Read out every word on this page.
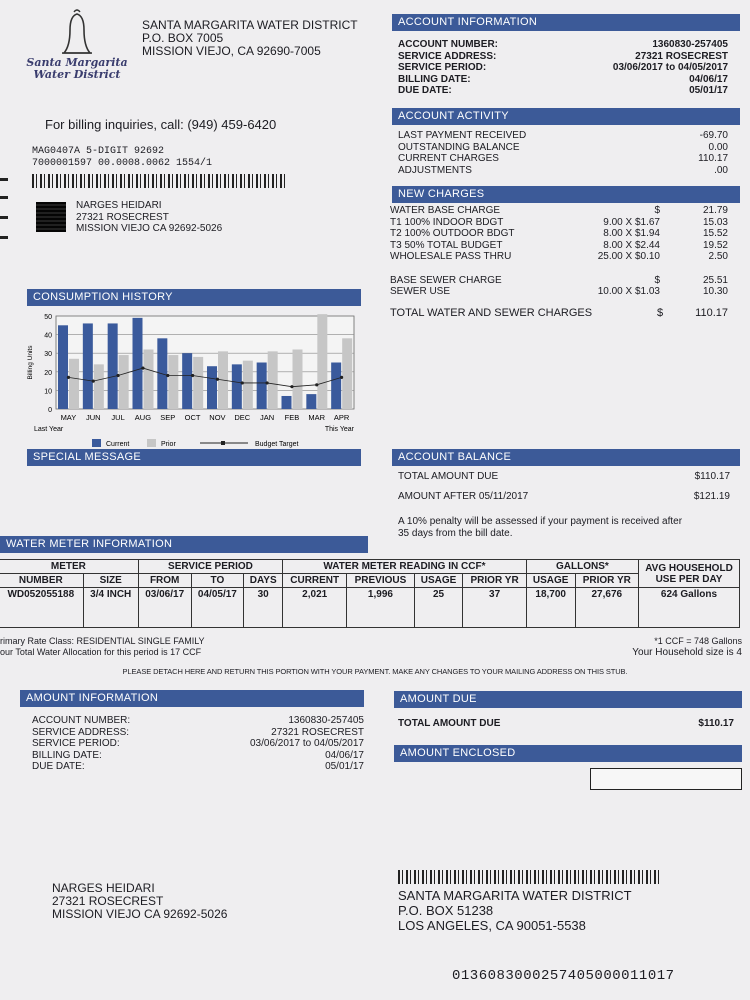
Santa Margarita
Water District
SANTA MARGARITA WATER DISTRICT
P.O. BOX 7005
MISSION VIEJO, CA 92690-7005
For billing inquiries, call: (949) 459-6420
MAG0407A 5-DIGIT 92692
7000001597 00.0008.0062 1554/1
NARGES HEIDARI
27321 ROSECREST
MISSION VIEJO CA 92692-5026
ACCOUNT INFORMATION
ACCOUNT NUMBER:	1360830-257405
SERVICE ADDRESS:	27321 ROSECREST
SERVICE PERIOD:	03/06/2017 to 04/05/2017
BILLING DATE:	04/06/17
DUE DATE:	05/01/17
ACCOUNT ACTIVITY
LAST PAYMENT RECEIVED	-69.70
OUTSTANDING BALANCE	0.00
CURRENT CHARGES	110.17
ADJUSTMENTS	.00
NEW CHARGES
WATER BASE CHARGE	$	21.79
T1 100% INDOOR BDGT	9.00 X $1.67	15.03
T2 100% OUTDOOR BDGT	8.00 X $1.94	15.52
T3 50% TOTAL BUDGET	8.00 X $2.44	19.52
WHOLESALE PASS THRU	25.00 X $0.10	2.50
BASE SEWER CHARGE	$	25.51
SEWER USE	10.00 X $1.03	10.30
TOTAL WATER AND SEWER CHARGES	$	110.17
CONSUMPTION HISTORY
0
10
20
30
40
50
Billing Units
MAY JUN JUL AUG SEP OCT NOV DEC JAN FEB MAR APR
Last Year	This Year
Current	Prior	Budget Target
SPECIAL MESSAGE	ACCOUNT BALANCE
TOTAL AMOUNT DUE	$110.17
AMOUNT AFTER 05/11/2017	$121.19
A 10% penalty will be assessed if your payment is received after
35 days from the bill date.
WATER METER INFORMATION
METER		SERVICE PERIOD			WATER METER READING IN CCF*				GALLONS*		AVG HOUSEHOLD USE PER DAY
NUMBER	SIZE	FROM	TO	DAYS	CURRENT	PREVIOUS	USAGE	PRIOR YR	USAGE	PRIOR YR	
WD052055188	3/4 INCH	03/06/17	04/05/17	30	2,021	1,996	25	37	18,700	27,676	624 Gallons
rimary Rate Class: RESIDENTIAL SINGLE FAMILY	*1 CCF = 748 Gallons
our Total Water Allocation for this period is 17 CCF	Your Household size is 4
PLEASE DETACH HERE AND RETURN THIS PORTION WITH YOUR PAYMENT. MAKE ANY CHANGES TO YOUR MAILING ADDRESS ON THIS STUB.
AMOUNT INFORMATION
ACCOUNT NUMBER:	1360830-257405
SERVICE ADDRESS:	27321 ROSECREST
SERVICE PERIOD:	03/06/2017 to 04/05/2017
BILLING DATE:	04/06/17
DUE DATE:	05/01/17
AMOUNT DUE
TOTAL AMOUNT DUE	$110.17
AMOUNT ENCLOSED
NARGES HEIDARI
27321 ROSECREST
MISSION VIEJO CA 92692-5026
SANTA MARGARITA WATER DISTRICT
P.O. BOX 51238
LOS ANGELES, CA 90051-5538
0136083000257405000011017
